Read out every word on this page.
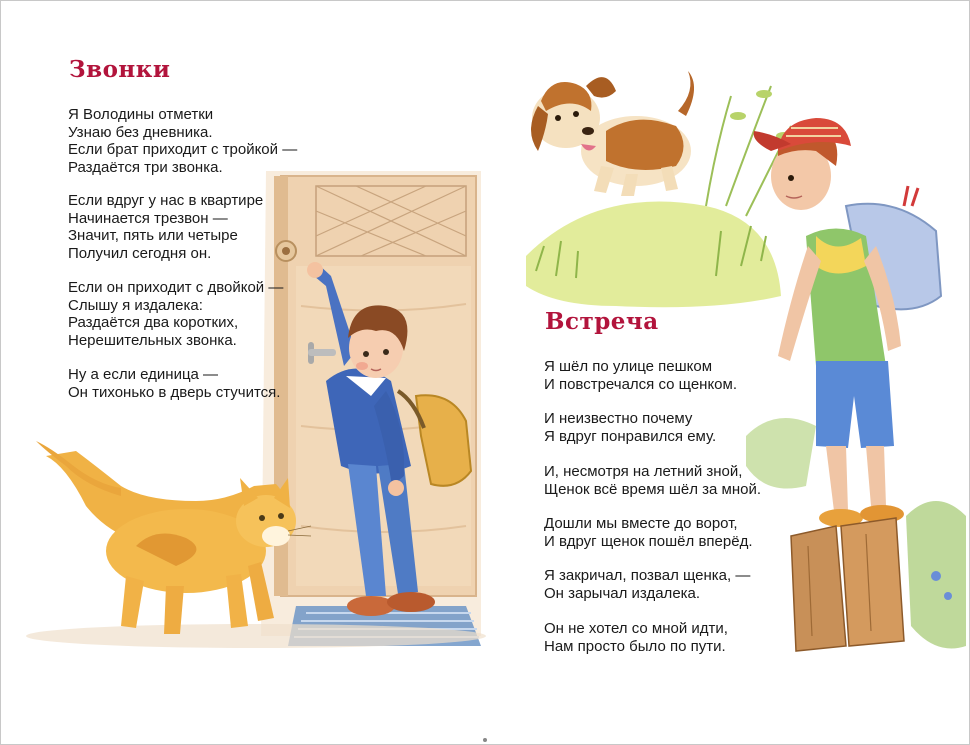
Звонки

Я Володины отметки
Узнаю без дневника.
Если брат приходит с тройкой —
Раздаётся три звонка.

Если вдруг у нас в квартире
Начинается трезвон —
Значит, пять или четыре
Получил сегодня он.

Если он приходит с двойкой —
Слышу я издалека:
Раздаётся два коротких,
Нерешительных звонка.

Ну а если единица —
Он тихонько в дверь стучится.

Встреча

Я шёл по улице пешком
И повстречался со щенком.

И неизвестно почему
Я вдруг понравился ему.

И, несмотря на летний зной,
Щенок всё время шёл за мной.

Дошли мы вместе до ворот,
И вдруг щенок пошёл вперёд.

Я закричал, позвал щенка, —
Он зарычал издалека.

Он не хотел со мной идти,
Нам просто было по пути.
